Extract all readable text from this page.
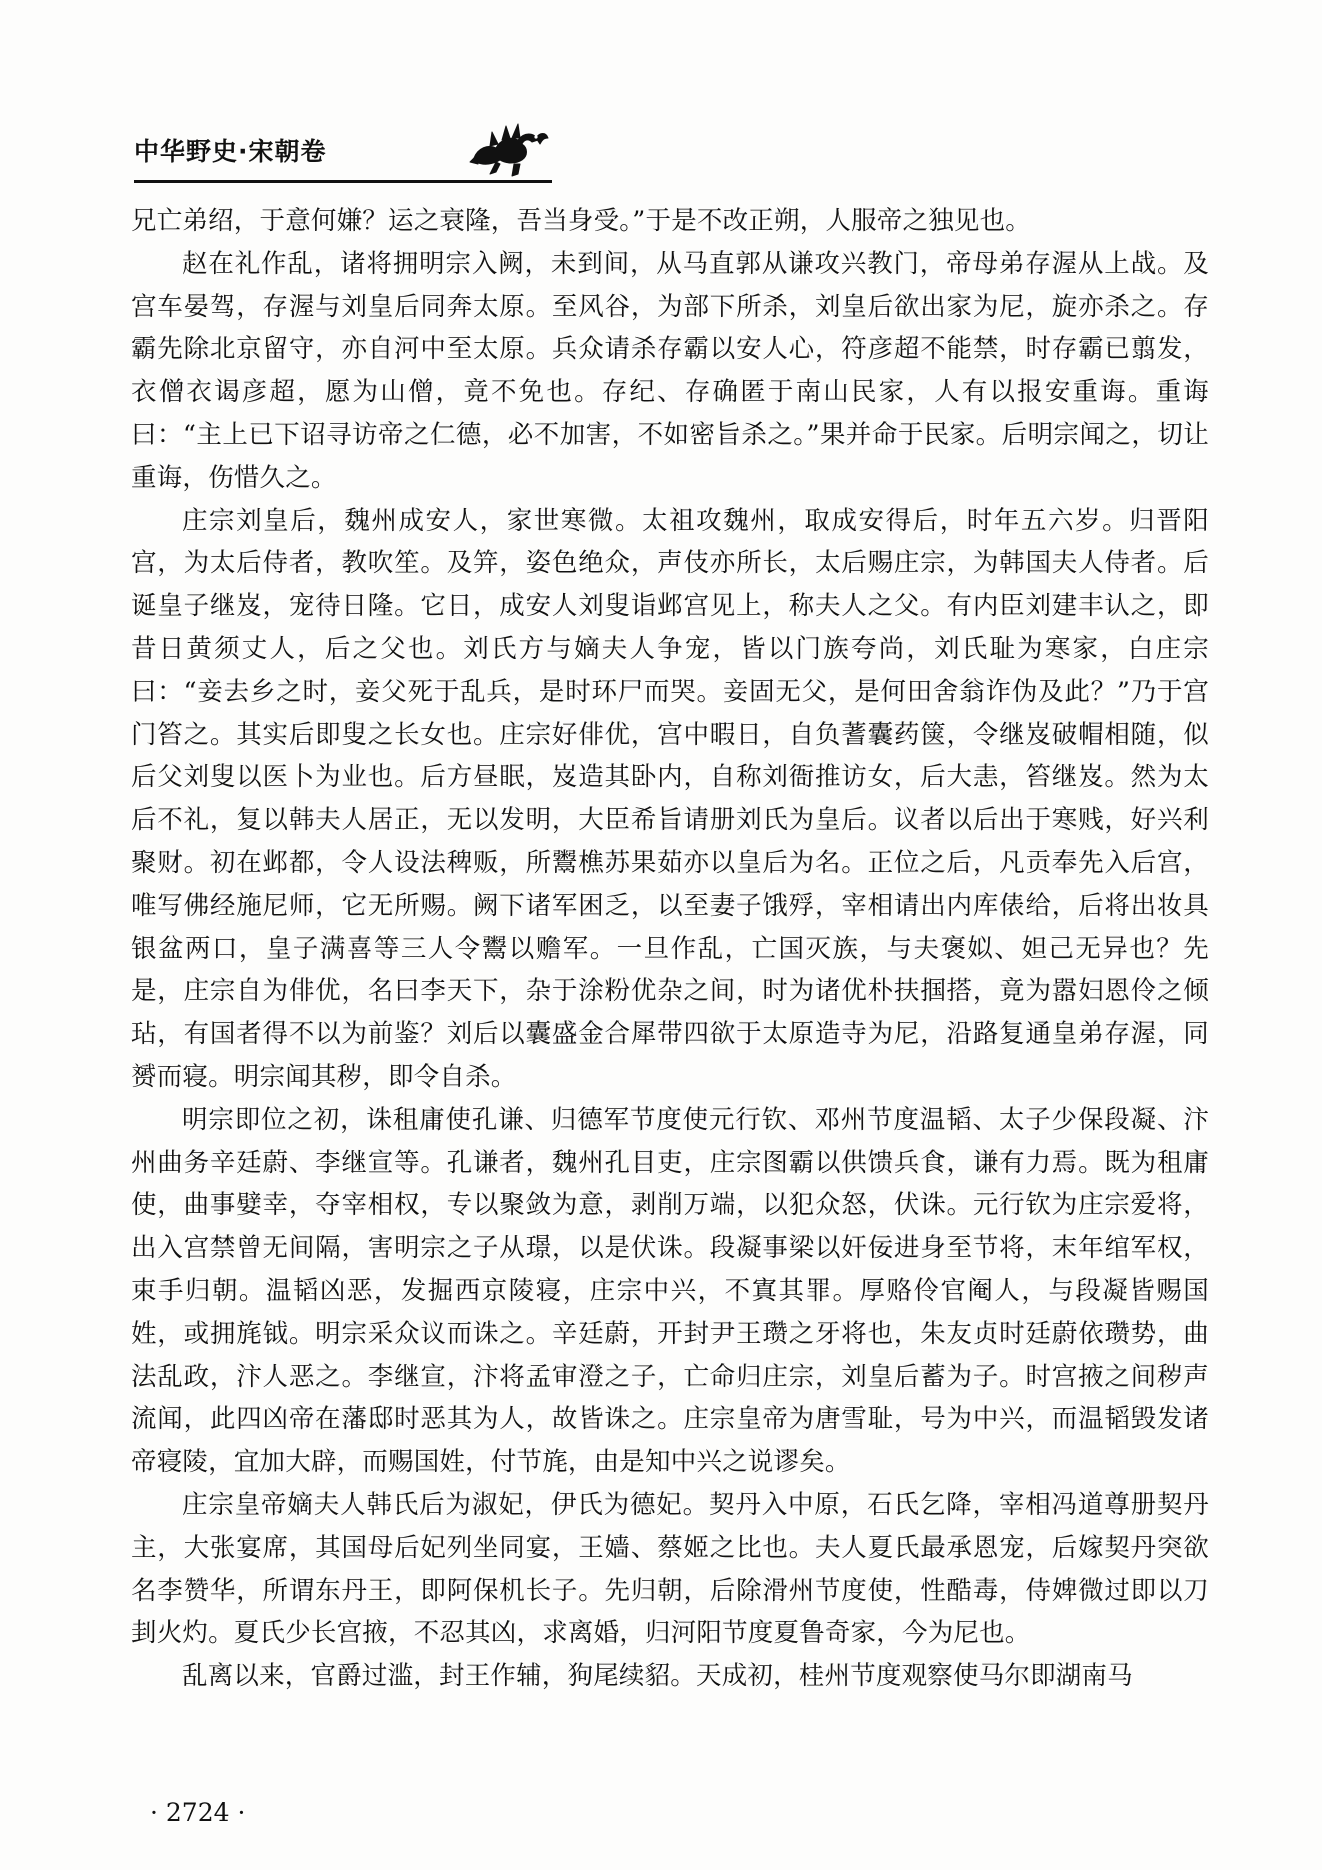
中华野史·宋朝卷

兄亡弟绍，于意何嫌？运之衰隆，吾当身受。”于是不改正朔，人服帝之独见也。

赵在礼作乱，诸将拥明宗入阙，未到间，从马直郭从谦攻兴教门，帝母弟存渥从上战。及宫车晏驾，存渥与刘皇后同奔太原。至风谷，为部下所杀，刘皇后欲出家为尼，旋亦杀之。存霸先除北京留守，亦自河中至太原。兵众请杀存霸以安人心，符彦超不能禁，时存霸已翦发，衣僧衣谒彦超，愿为山僧，竟不免也。存纪、存确匿于南山民家，人有以报安重诲。重诲曰：“主上已下诏寻访帝之仁德，必不加害，不如密旨杀之。”果并命于民家。后明宗闻之，切让重诲，伤惜久之。

庄宗刘皇后，魏州成安人，家世寒微。太祖攻魏州，取成安得后，时年五六岁。归晋阳宫，为太后侍者，教吹笙。及笄，姿色绝众，声伎亦所长，太后赐庄宗，为韩国夫人侍者。后诞皇子继岌，宠待日隆。它日，成安人刘叟诣邺宫见上，称夫人之父。有内臣刘建丰认之，即昔日黄须丈人，后之父也。刘氏方与嫡夫人争宠，皆以门族夸尚，刘氏耻为寒家，白庄宗曰：“妾去乡之时，妾父死于乱兵，是时环尸而哭。妾固无父，是何田舍翁诈伪及此？”乃于宫门笞之。其实后即叟之长女也。庄宗好俳优，宫中暇日，自负蓍囊药箧，令继岌破帽相随，似后父刘叟以医卜为业也。后方昼眠，岌造其卧内，自称刘衙推访女，后大恚，笞继岌。然为太后不礼，复以韩夫人居正，无以发明，大臣希旨请册刘氏为皇后。议者以后出于寒贱，好兴利聚财。初在邺都，令人设法稗贩，所鬻樵苏果茹亦以皇后为名。正位之后，凡贡奉先入后宫，唯写佛经施尼师，它无所赐。阙下诸军困乏，以至妻子饿殍，宰相请出内库俵给，后将出妆具银盆两口，皇子满喜等三人令鬻以赡军。一旦作乱，亡国灭族，与夫褒姒、妲己无异也？先是，庄宗自为俳优，名曰李天下，杂于涂粉优杂之间，时为诸优朴扶掴搭，竟为嚣妇恩伶之倾玷，有国者得不以为前鉴？刘后以囊盛金合犀带四欲于太原造寺为尼，沿路复通皇弟存渥，同赟而寝。明宗闻其秽，即令自杀。

明宗即位之初，诛租庸使孔谦、归德军节度使元行钦、邓州节度温韬、太子少保段凝、汴州曲务辛廷蔚、李继宣等。孔谦者，魏州孔目吏，庄宗图霸以供馈兵食，谦有力焉。既为租庸使，曲事嬖幸，夺宰相权，专以聚敛为意，剥削万端，以犯众怒，伏诛。元行钦为庄宗爱将，出入宫禁曾无间隔，害明宗之子从璟，以是伏诛。段凝事梁以奸佞进身至节将，末年绾军权，束手归朝。温韬凶恶，发掘西京陵寝，庄宗中兴，不寘其罪。厚赂伶官阉人，与段凝皆赐国姓，或拥旄钺。明宗采众议而诛之。辛廷蔚，开封尹王瓒之牙将也，朱友贞时廷蔚依瓒势，曲法乱政，汴人恶之。李继宣，汴将孟审澄之子，亡命归庄宗，刘皇后蓄为子。时宫掖之间秽声流闻，此四凶帝在藩邸时恶其为人，故皆诛之。庄宗皇帝为唐雪耻，号为中兴，而温韬毁发诸帝寝陵，宜加大辟，而赐国姓，付节旄，由是知中兴之说谬矣。

庄宗皇帝嫡夫人韩氏后为淑妃，伊氏为德妃。契丹入中原，石氏乞降，宰相冯道尊册契丹主，大张宴席，其国母后妃列坐同宴，王嫱、蔡姬之比也。夫人夏氏最承恩宠，后嫁契丹突欲名李赞华，所谓东丹王，即阿保机长子。先归朝，后除滑州节度使，性酷毒，侍婢微过即以刀刲火灼。夏氏少长宫掖，不忍其凶，求离婚，归河阳节度夏鲁奇家，今为尼也。

乱离以来，官爵过滥，封王作辅，狗尾续貂。天成初，桂州节度观察使马尔即湖南马

· 2724 ·
